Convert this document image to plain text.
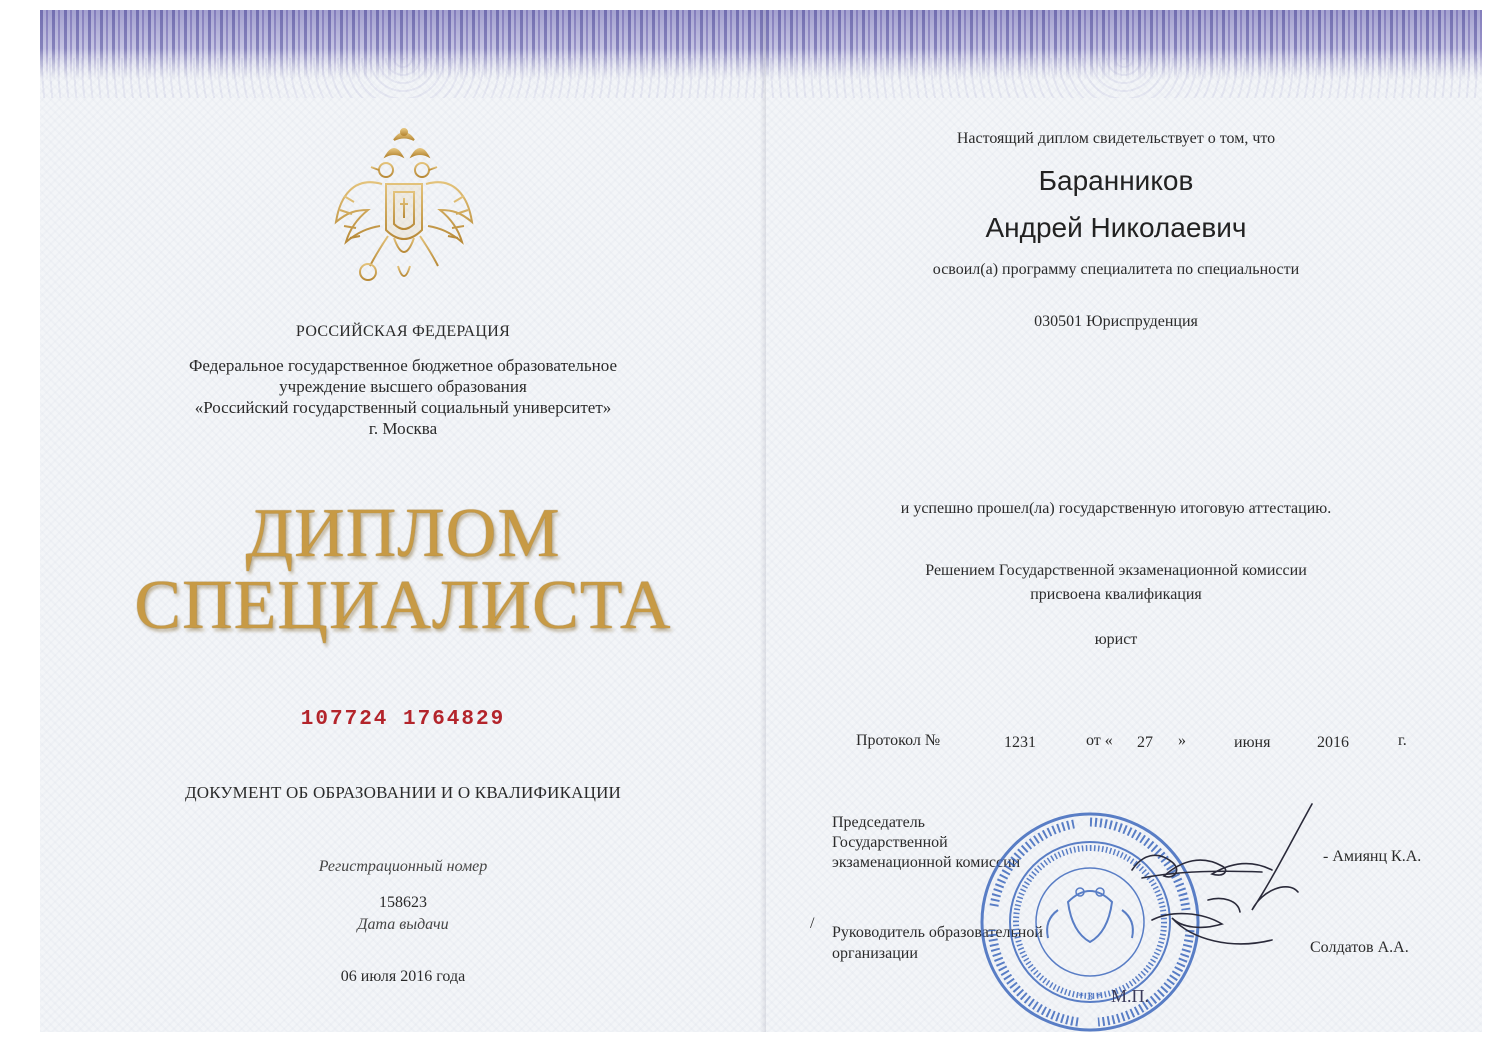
РОССИЙСКАЯ ФЕДЕРАЦИЯ
Федеральное государственное бюджетное образовательное
учреждение высшего образования
«Российский государственный социальный университет»
г. Москва
ДИПЛОМ
СПЕЦИАЛИСТА
107724 1764829
ДОКУМЕНТ ОБ ОБРАЗОВАНИИ И О КВАЛИФИКАЦИИ
Регистрационный номер
158623
Дата выдачи
06 июля 2016 года
Настоящий диплом свидетельствует о том, что
Баранников
Андрей Николаевич
освоил(а) программу специалитета по специальности
030501 Юриспруденция
и успешно прошел(ла) государственную итоговую аттестацию.
Решением Государственной экзаменационной комиссии
присвоена квалификация
юрист
Протокол №	1231	от « 27 »	июня	2016	г.
Председатель
Государственной
экзаменационной комиссии	- Амиянц К.А.
/
Руководитель образовательной
организации	Солдатов А.А.
* 3 * М.П.
